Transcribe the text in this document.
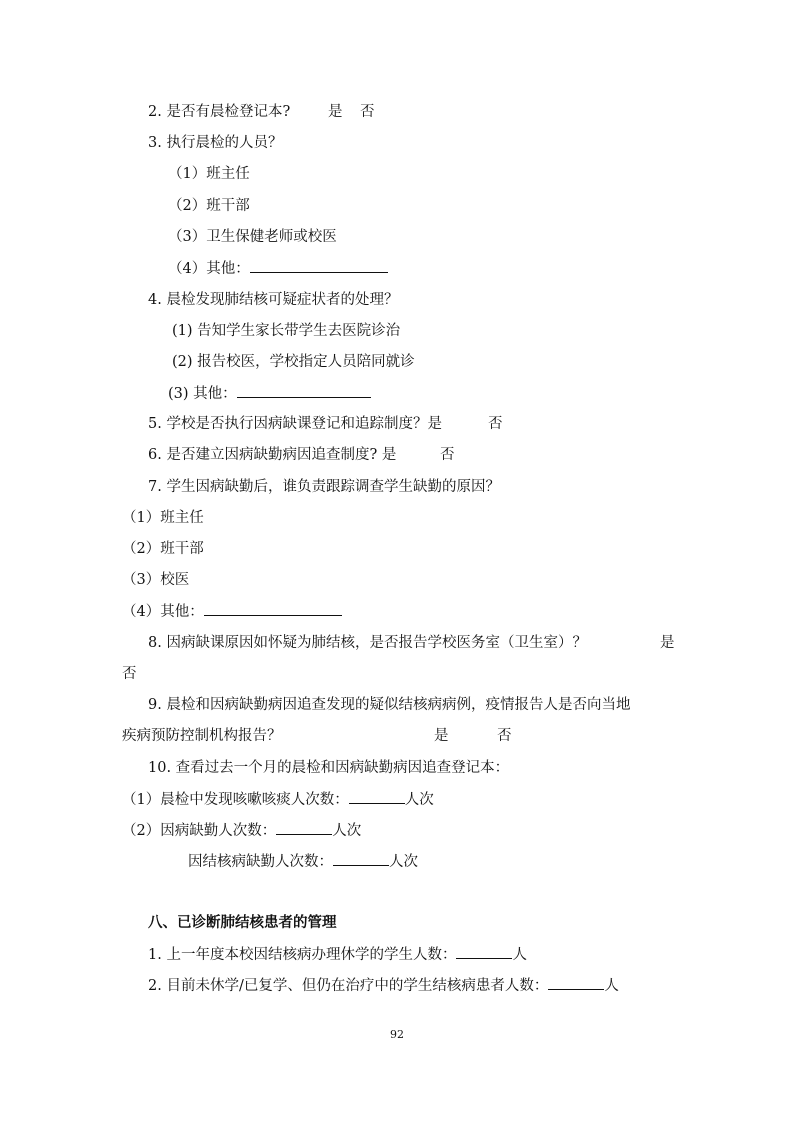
2. 是否有晨检登记本?	是 否
3. 执行晨检的人员？
（1）班主任
（2）班干部
（3）卫生保健老师或校医
（4）其他：
4. 晨检发现肺结核可疑症状者的处理？
(1) 告知学生家长带学生去医院诊治
(2) 报告校医，学校指定人员陪同就诊
(3) 其他：
5. 学校是否执行因病缺课登记和追踪制度？是	否
6. 是否建立因病缺勤病因追查制度? 是	否
7. 学生因病缺勤后，谁负责跟踪调查学生缺勤的原因？
（1）班主任
（2）班干部
（3）校医
（4）其他：
8. 因病缺课原因如怀疑为肺结核，是否报告学校医务室（卫生室）？	是
否
9. 晨检和因病缺勤病因追查发现的疑似结核病病例，疫情报告人是否向当地
疾病预防控制机构报告？	是	否
10. 查看过去一个月的晨检和因病缺勤病因追查登记本：
（1）晨检中发现咳嗽咳痰人次数：	人次
（2）因病缺勤人次数：	人次
因结核病缺勤人次数：	人次
八、已诊断肺结核患者的管理
1. 上一年度本校因结核病办理休学的学生人数：	人
2. 目前未休学/已复学、但仍在治疗中的学生结核病患者人数：	人
92
